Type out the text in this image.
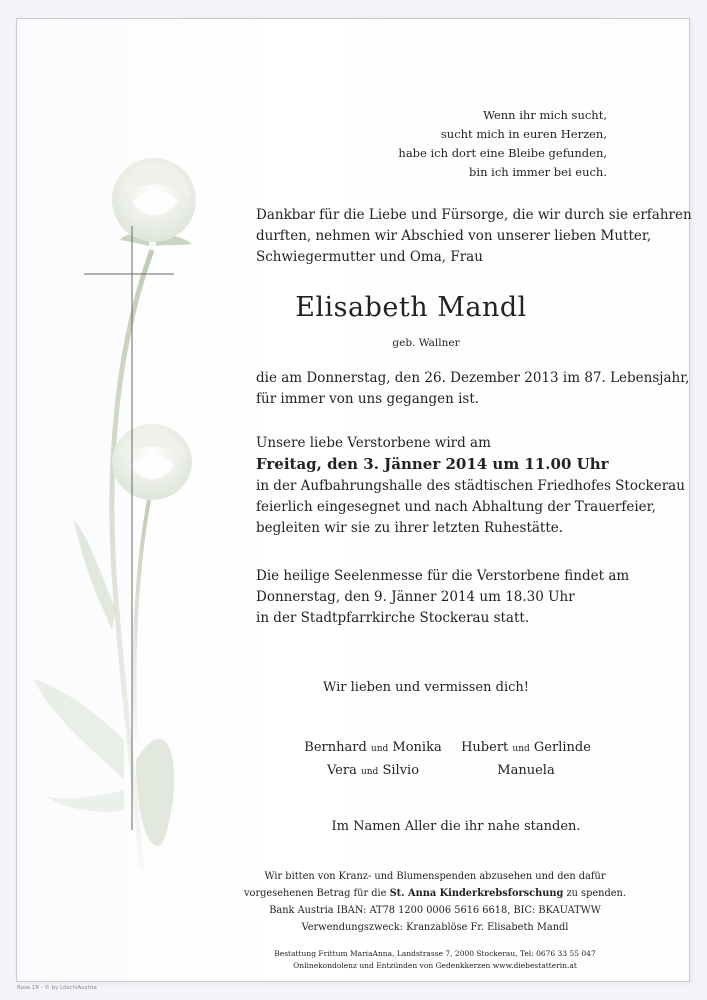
Wenn ihr mich sucht,
sucht mich in euren Herzen,
habe ich dort eine Bleibe gefunden,
bin ich immer bei euch.
Dankbar für die Liebe und Fürsorge, die wir durch sie erfahren
durften, nehmen wir Abschied von unserer lieben Mutter,
Schwiegermutter und Oma, Frau
Elisabeth Mandl
geb. Wallner
die am Donnerstag, den 26. Dezember 2013 im 87. Lebensjahr,
für immer von uns gegangen ist.
Unsere liebe Verstorbene wird am
Freitag, den 3. Jänner 2014 um 11.00 Uhr
in der Aufbahrungshalle des städtischen Friedhofes Stockerau
feierlich eingesegnet und nach Abhaltung der Trauerfeier,
begleiten wir sie zu ihrer letzten Ruhestätte.
Die heilige Seelenmesse für die Verstorbene findet am
Donnerstag, den 9. Jänner 2014 um 18.30 Uhr
in der Stadtpfarrkirche Stockerau statt.
Wir lieben und vermissen dich!
Bernhard und Monika	Hubert und Gerlinde
Vera und Silvio	Manuela
Im Namen Aller die ihr nahe standen.
Wir bitten von Kranz- und Blumenspenden abzusehen und den dafür
vorgesehenen Betrag für die St. Anna Kinderkrebsforschung zu spenden.
Bank Austria IBAN: AT78 1200 0006 5616 6618, BIC: BKAUATWW
Verwendungszweck: Kranzablöse Fr. Elisabeth Mandl
Bestattung Frittum MariaAnna, Landstrasse 7, 2000 Stockerau, Tel: 0676 33 55 047
Onlinekondolenz und Entzünden von Gedenkkerzen www.diebestatterin.at
Rose 18 - © by LöschiAustria
